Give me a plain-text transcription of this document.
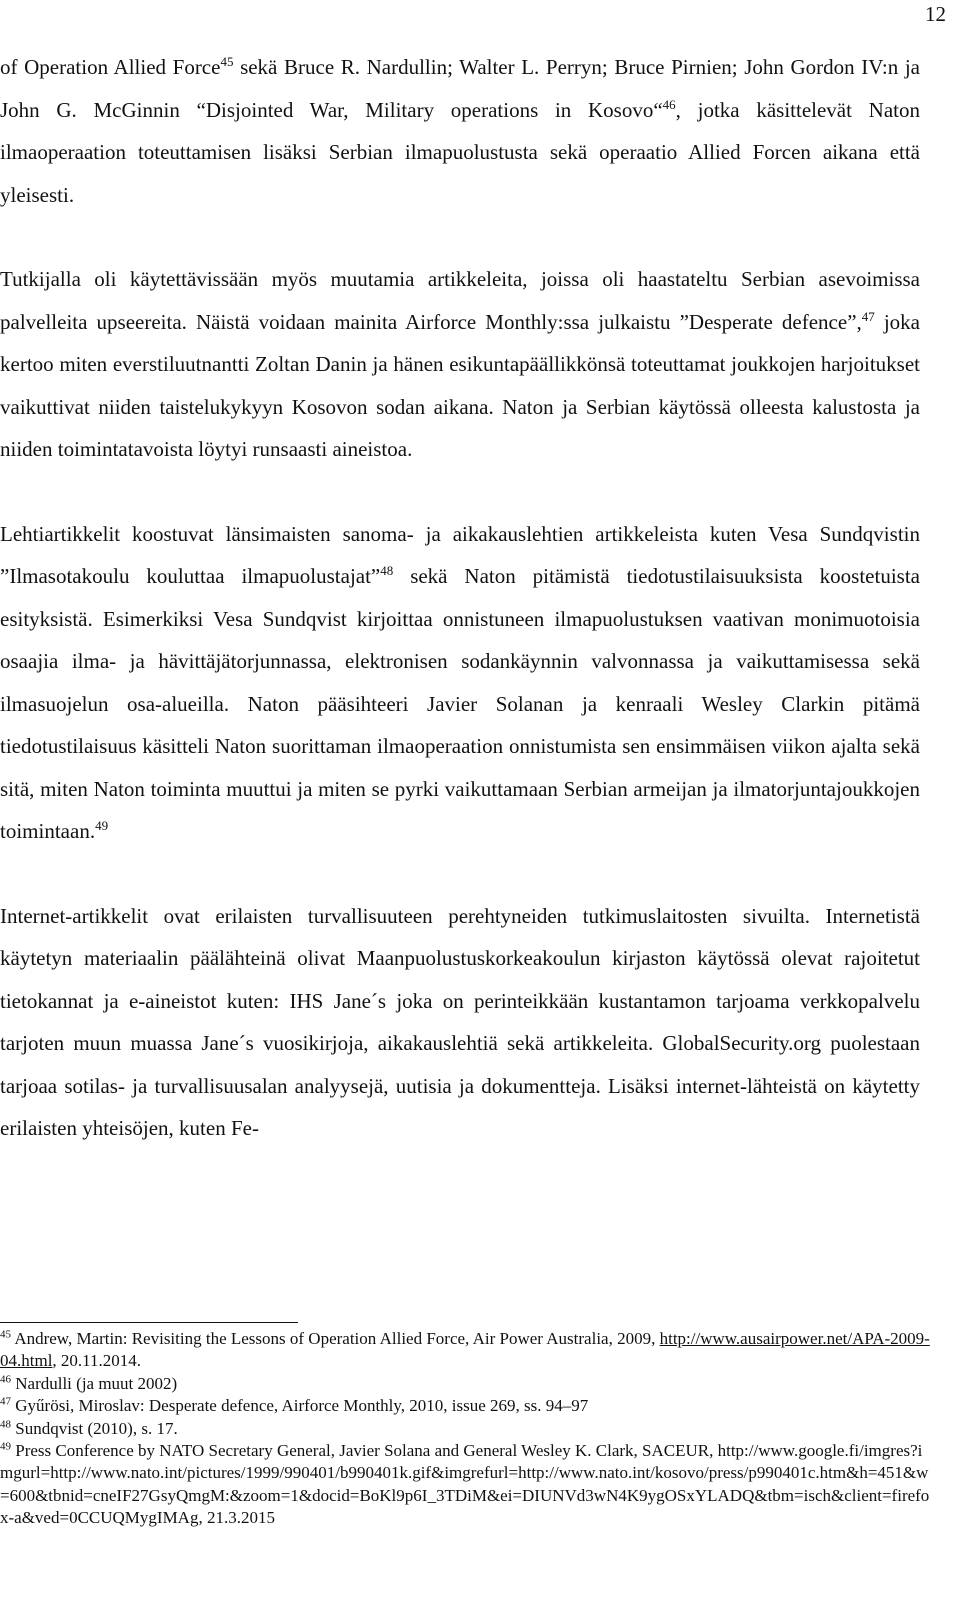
12

of Operation Allied Force$^{45}$ sekä Bruce R. Nardullin; Walter L. Perryn; Bruce Pirnien; John Gordon IV:n ja John G. McGinnin “Disjointed War, Military operations in Kosovo“$^{46}$, jotka käsittelevät Naton ilmaoperaation toteuttamisen lisäksi Serbian ilmapuolustusta sekä operaatio Allied Forcen aikana että yleisesti.

Tutkijalla oli käytettävissään myös muutamia artikkeleita, joissa oli haastateltu Serbian asevoimissa palvelleita upseereita. Näistä voidaan mainita Airforce Monthly:ssa julkaistu ”Desperate defence”,$^{47}$ joka kertoo miten everstiluutnantti Zoltan Danin ja hänen esikuntapäällikkönsä toteuttamat joukkojen harjoitukset vaikuttivat niiden taistelukykyyn Kosovon sodan aikana. Naton ja Serbian käytössä olleesta kalustosta ja niiden toimintatavoista löytyi runsaasti aineistoa.

Lehtiartikkelit koostuvat länsimaisten sanoma- ja aikakauslehtien artikkeleista kuten Vesa Sundqvistin ”Ilmasotakoulu kouluttaa ilmapuolustajat”$^{48}$ sekä Naton pitämistä tiedotustilaisuuksista koostetuista esityksistä. Esimerkiksi Vesa Sundqvist kirjoittaa onnistuneen ilmapuolustuksen vaativan monimuotoisia osaajia ilma- ja hävittäjätorjunnassa, elektronisen sodankäynnin valvonnassa ja vaikuttamisessa sekä ilmasuojelun osa-alueilla. Naton pääsihteeri Javier Solanan ja kenraali Wesley Clarkin pitämä tiedotustilaisuus käsitteli Naton suorittaman ilmaoperaation onnistumista sen ensimmäisen viikon ajalta sekä sitä, miten Naton toiminta muuttui ja miten se pyrki vaikuttamaan Serbian armeijan ja ilmatorjuntajoukkojen toimintaan.$^{49}$

Internet-artikkelit ovat erilaisten turvallisuuteen perehtyneiden tutkimuslaitosten sivuilta. Internetistä käytetyn materiaalin päälähteinä olivat Maanpuolustuskorkeakoulun kirjaston käytössä olevat rajoitetut tietokannat ja e-aineistot kuten: IHS Jane´s joka on perinteikkään kustantamon tarjoama verkkopalvelu tarjoten muun muassa Jane´s vuosikirjoja, aikakauslehtiä sekä artikkeleita. GlobalSecurity.org puolestaan tarjoaa sotilas- ja turvallisuusalan analyysejä, uutisia ja dokumentteja. Lisäksi internet-lähteistä on käytetty erilaisten yhteisöjen, kuten Fe-

$^{45}$ Andrew, Martin: Revisiting the Lessons of Operation Allied Force, Air Power Australia, 2009, http://www.ausairpower.net/APA-2009-04.html, 20.11.2014.

$^{46}$ Nardulli (ja muut 2002)

$^{47}$ Gyűrösi, Miroslav: Desperate defence, Airforce Monthly, 2010, issue 269, ss. 94–97

$^{48}$ Sundqvist (2010), s. 17.

$^{49}$ Press Conference by NATO Secretary General, Javier Solana and General Wesley K. Clark, SACEUR, http://www.google.fi/imgres?imgurl=http://www.nato.int/pictures/1999/990401/b990401k.gif&imgrefurl=http://www.nato.int/kosovo/press/p990401c.htm&h=451&w=600&tbnid=cneIF27GsyQmgM:&zoom=1&docid=BoKl9p6I_3TDiM&ei=DIUNVd3wN4K9ygOSxYLADQ&tbm=isch&client=firefox-a&ved=0CCUQMygIMAg, 21.3.2015
